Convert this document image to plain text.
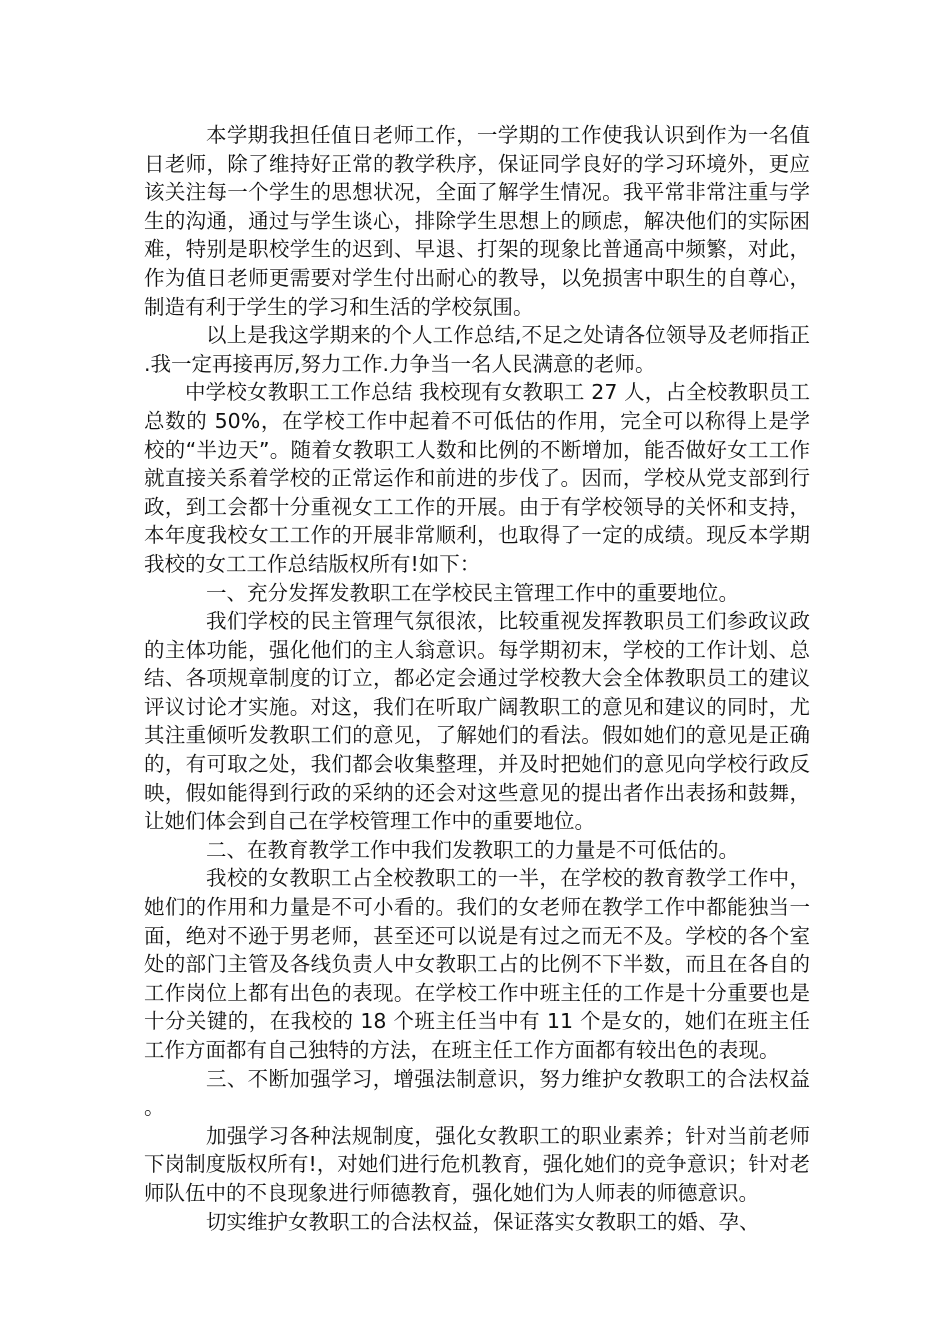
本学期我担任值日老师工作，一学期的工作使我认识到作为一名值日老师，除了维持好正常的教学秩序，保证同学良好的学习环境外，更应该关注每一个学生的思想状况，全面了解学生情况。我平常非常注重与学生的沟通，通过与学生谈心，排除学生思想上的顾虑，解决他们的实际困难，特别是职校学生的迟到、早退、打架的现象比普通高中频繁，对此，作为值日老师更需要对学生付出耐心的教导，以免损害中职生的自尊心，制造有利于学生的学习和生活的学校氛围。

以上是我这学期来的个人工作总结,不足之处请各位领导及老师指正.我一定再接再厉,努力工作.力争当一名人民满意的老师。

中学校女教职工工作总结 我校现有女教职工 27 人，占全校教职员工总数的 50%，在学校工作中起着不可低估的作用，完全可以称得上是学校的“半边天”。随着女教职工人数和比例的不断增加，能否做好女工工作就直接关系着学校的正常运作和前进的步伐了。因而，学校从党支部到行政，到工会都十分重视女工工作的开展。由于有学校领导的关怀和支持，本年度我校女工工作的开展非常顺利，也取得了一定的成绩。现反本学期我校的女工工作总结版权所有!如下：

一、充分发挥发教职工在学校民主管理工作中的重要地位。

我们学校的民主管理气氛很浓，比较重视发挥教职员工们参政议政的主体功能，强化他们的主人翁意识。每学期初末，学校的工作计划、总结、各项规章制度的订立，都必定会通过学校教大会全体教职员工的建议评议讨论才实施。对这，我们在听取广阔教职工的意见和建议的同时，尤其注重倾听发教职工们的意见，了解她们的看法。假如她们的意见是正确的，有可取之处，我们都会收集整理，并及时把她们的意见向学校行政反映，假如能得到行政的采纳的还会对这些意见的提出者作出表扬和鼓舞，让她们体会到自己在学校管理工作中的重要地位。

二、在教育教学工作中我们发教职工的力量是不可低估的。

我校的女教职工占全校教职工的一半，在学校的教育教学工作中，她们的作用和力量是不可小看的。我们的女老师在教学工作中都能独当一面，绝对不逊于男老师，甚至还可以说是有过之而无不及。学校的各个室处的部门主管及各线负责人中女教职工占的比例不下半数，而且在各自的工作岗位上都有出色的表现。在学校工作中班主任的工作是十分重要也是十分关键的，在我校的 18 个班主任当中有 11 个是女的，她们在班主任工作方面都有自己独特的方法，在班主任工作方面都有较出色的表现。

三、不断加强学习，增强法制意识，努力维护女教职工的合法权益。

加强学习各种法规制度，强化女教职工的职业素养；针对当前老师下岗制度版权所有!，对她们进行危机教育，强化她们的竞争意识；针对老师队伍中的不良现象进行师德教育，强化她们为人师表的师德意识。

切实维护女教职工的合法权益，保证落实女教职工的婚、孕、
